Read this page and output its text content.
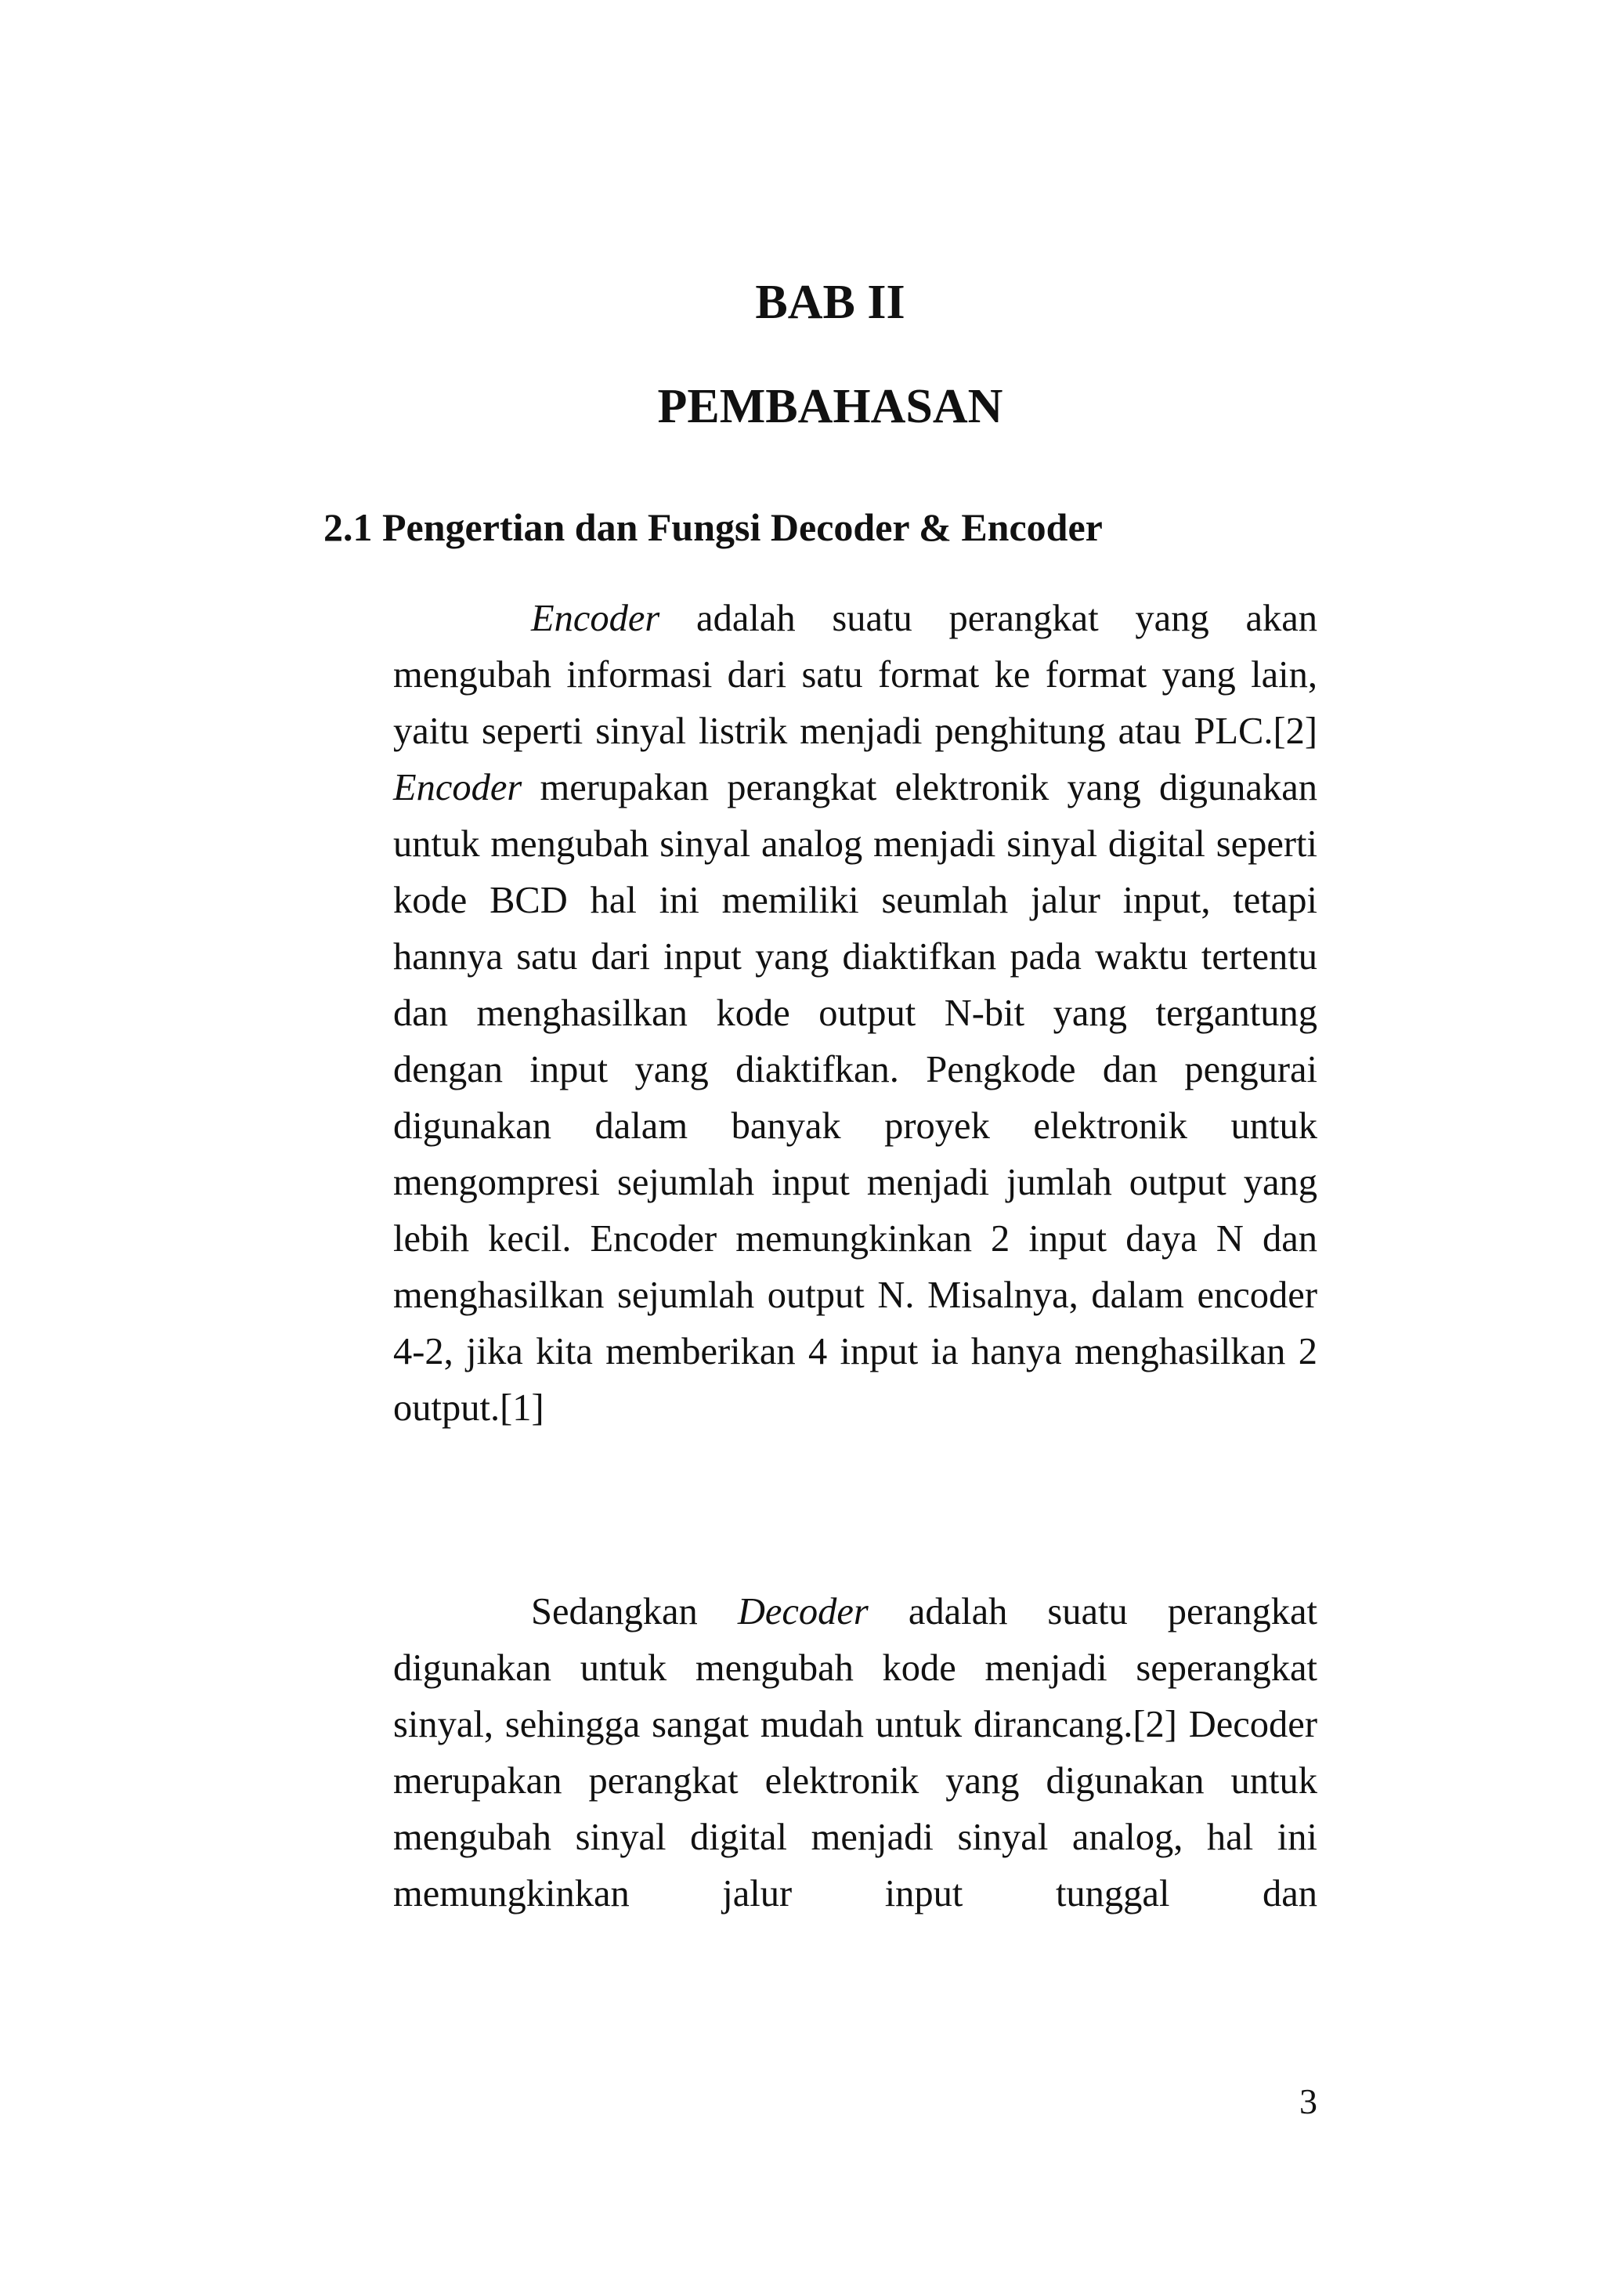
BAB II
PEMBAHASAN
2.1 Pengertian dan Fungsi Decoder & Encoder

Encoder adalah suatu perangkat yang akan mengubah informasi dari satu format ke format yang lain, yaitu seperti sinyal listrik menjadi penghitung atau PLC.[2] Encoder merupakan perangkat elektronik yang digunakan untuk mengubah sinyal analog menjadi sinyal digital seperti kode BCD hal ini memiliki seumlah jalur input, tetapi hannya satu dari input yang diaktifkan pada waktu tertentu dan menghasilkan kode output N-bit yang tergantung dengan input yang diaktifkan. Pengkode dan pengurai digunakan dalam banyak proyek elektronik untuk mengompresi sejumlah input menjadi jumlah output yang lebih kecil. Encoder memungkinkan 2 input daya N dan menghasilkan sejumlah output N. Misalnya, dalam encoder 4-2, jika kita memberikan 4 input ia hanya menghasilkan 2 output.[1]

Sedangkan Decoder adalah suatu perangkat digunakan untuk mengubah kode menjadi seperangkat sinyal, sehingga sangat mudah untuk dirancang.[2] Decoder merupakan perangkat elektronik yang digunakan untuk mengubah sinyal digital menjadi sinyal analog, hal ini memungkinkan jalur input tunggal dan

3
